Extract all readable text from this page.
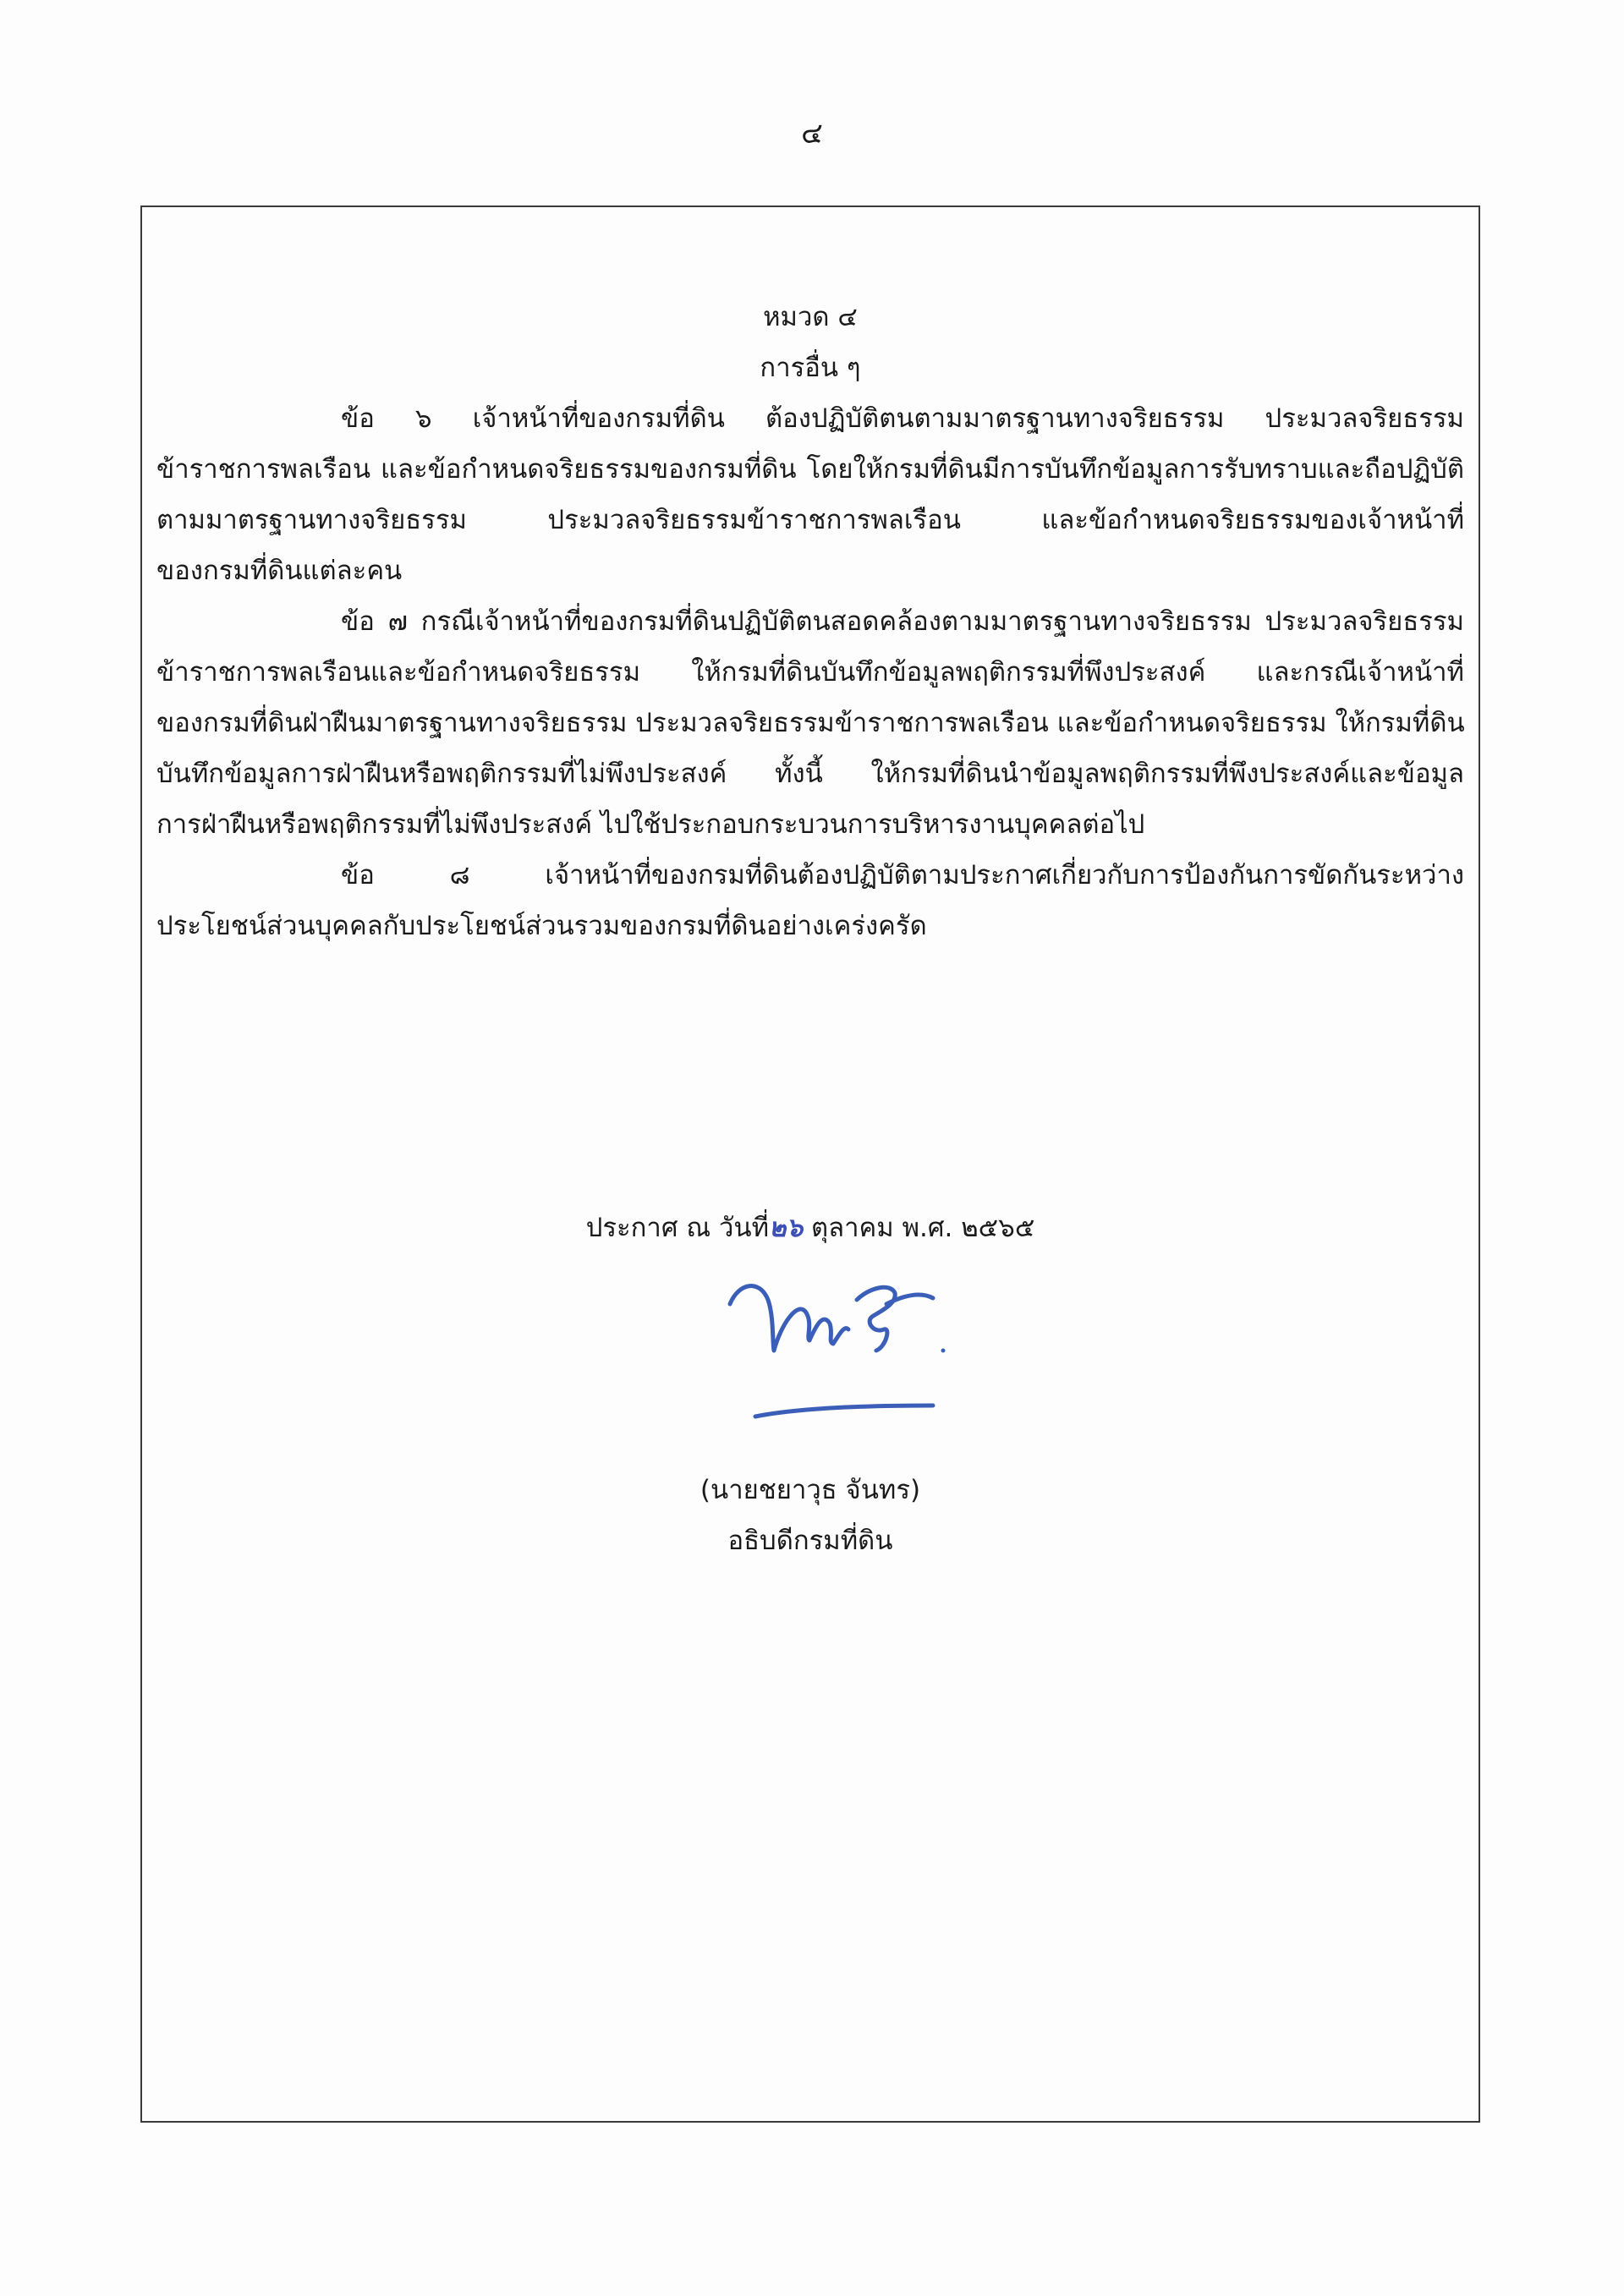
๔
หมวด ๔
การอื่น ๆ
ข้อ ๖ เจ้าหน้าที่ของกรมที่ดิน ต้องปฏิบัติตนตามมาตรฐานทางจริยธรรม ประมวลจริยธรรม
ข้าราชการพลเรือน และข้อกำหนดจริยธรรมของกรมที่ดิน โดยให้กรมที่ดินมีการบันทึกข้อมูลการรับทราบและถือปฏิบัติ
ตามมาตรฐานทางจริยธรรม ประมวลจริยธรรมข้าราชการพลเรือน และข้อกำหนดจริยธรรมของเจ้าหน้าที่
ของกรมที่ดินแต่ละคน
ข้อ ๗ กรณีเจ้าหน้าที่ของกรมที่ดินปฏิบัติตนสอดคล้องตามมาตรฐานทางจริยธรรม ประมวลจริยธรรม
ข้าราชการพลเรือนและข้อกำหนดจริยธรรม ให้กรมที่ดินบันทึกข้อมูลพฤติกรรมที่พึงประสงค์ และกรณีเจ้าหน้าที่
ของกรมที่ดินฝ่าฝืนมาตรฐานทางจริยธรรม ประมวลจริยธรรมข้าราชการพลเรือน และข้อกำหนดจริยธรรม ให้กรมที่ดิน
บันทึกข้อมูลการฝ่าฝืนหรือพฤติกรรมที่ไม่พึงประสงค์ ทั้งนี้ ให้กรมที่ดินนำข้อมูลพฤติกรรมที่พึงประสงค์และข้อมูล
การฝ่าฝืนหรือพฤติกรรมที่ไม่พึงประสงค์ ไปใช้ประกอบกระบวนการบริหารงานบุคคลต่อไป
ข้อ ๘ เจ้าหน้าที่ของกรมที่ดินต้องปฏิบัติตามประกาศเกี่ยวกับการป้องกันการขัดกันระหว่าง
ประโยชน์ส่วนบุคคลกับประโยชน์ส่วนรวมของกรมที่ดินอย่างเคร่งครัด
ประกาศ ณ วันที่๒๖ ตุลาคม พ.ศ. ๒๕๖๕
(นายชยาวุธ จันทร)
อธิบดีกรมที่ดิน
